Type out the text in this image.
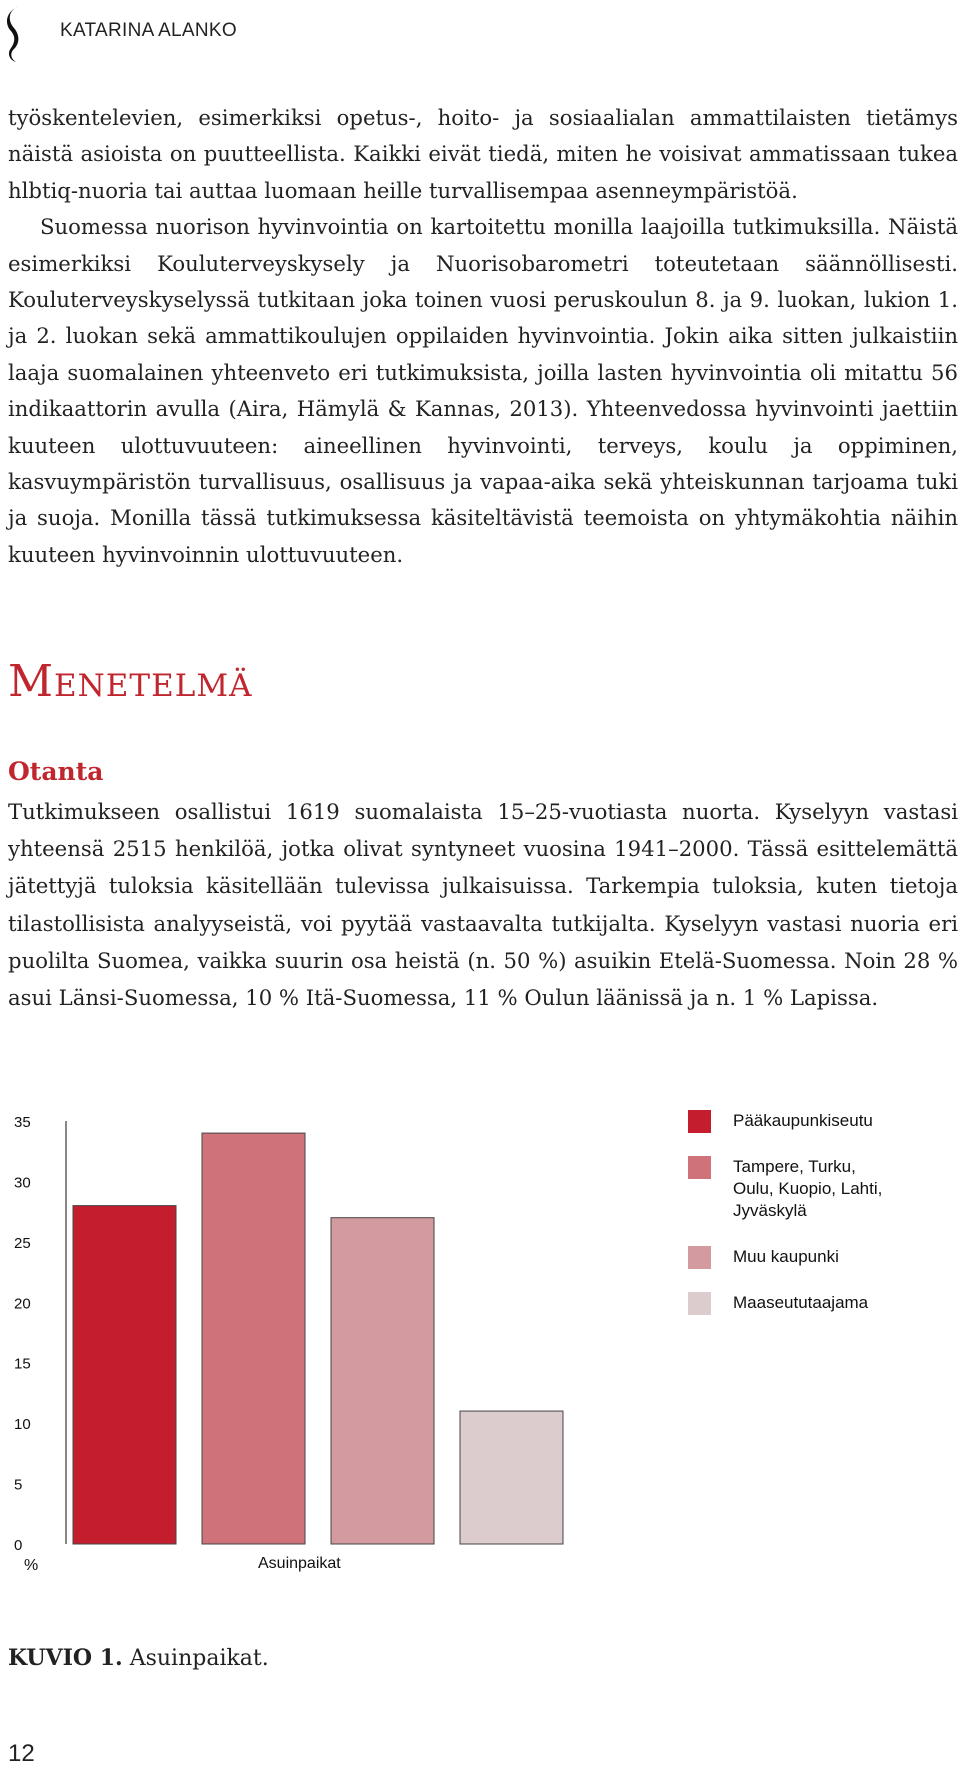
KATARINA ALANKO

työskentelevien, esimerkiksi opetus-, hoito- ja sosiaalialan ammattilaisten tietämys näistä asioista on puutteellista. Kaikki eivät tiedä, miten he voisivat ammatissaan tukea hlbtiq-nuoria tai auttaa luomaan heille turvallisempaa asenneympäristöä.

Suomessa nuorison hyvinvointia on kartoitettu monilla laajoilla tutkimuksilla. Näistä esimerkiksi Kouluterveyskysely ja Nuorisobarometri toteutetaan säännöllisesti. Kouluterveyskyselyssä tutkitaan joka toinen vuosi peruskoulun 8. ja 9. luokan, lukion 1. ja 2. luokan sekä ammattikoulujen oppilaiden hyvinvointia. Jokin aika sitten julkaistiin laaja suomalainen yhteenveto eri tutkimuksista, joilla lasten hyvinvointia oli mitattu 56 indikaattorin avulla (Aira, Hämylä & Kannas, 2013). Yhteenvedossa hyvinvointi jaettiin kuuteen ulottuvuuteen: aineellinen hyvinvointi, terveys, koulu ja oppiminen, kasvuympäristön turvallisuus, osallisuus ja vapaa-aika sekä yhteiskunnan tarjoama tuki ja suoja. Monilla tässä tutkimuksessa käsiteltävistä teemoista on yhtymäkohtia näihin kuuteen hyvinvoinnin ulottuvuuteen.

Menetelmä
Otanta

Tutkimukseen osallistui 1619 suomalaista 15–25-vuotiasta nuorta. Kyselyyn vastasi yhteensä 2515 henkilöä, jotka olivat syntyneet vuosina 1941–2000. Tässä esittelemättä jätettyjä tuloksia käsitellään tulevissa julkaisuissa. Tarkempia tuloksia, kuten tietoja tilastollisista analyyseistä, voi pyytää vastaavalta tutkijalta. Kyselyyn vastasi nuoria eri puolilta Suomea, vaikka suurin osa heistä (n. 50 %) asuikin Etelä-Suomessa. Noin 28 % asui Länsi-Suomessa, 10 % Itä-Suomessa, 11 % Oulun läänissä ja n. 1 % Lapissa.

0
5
10
15
20
25
30
35
%	Asuinpaikat
Pääkaupunkiseutu
Tampere, Turku,
Oulu, Kuopio, Lahti,
Jyväskylä
Muu kaupunki
Maaseututaajama
KUVIO 1. Asuinpaikat.
12
